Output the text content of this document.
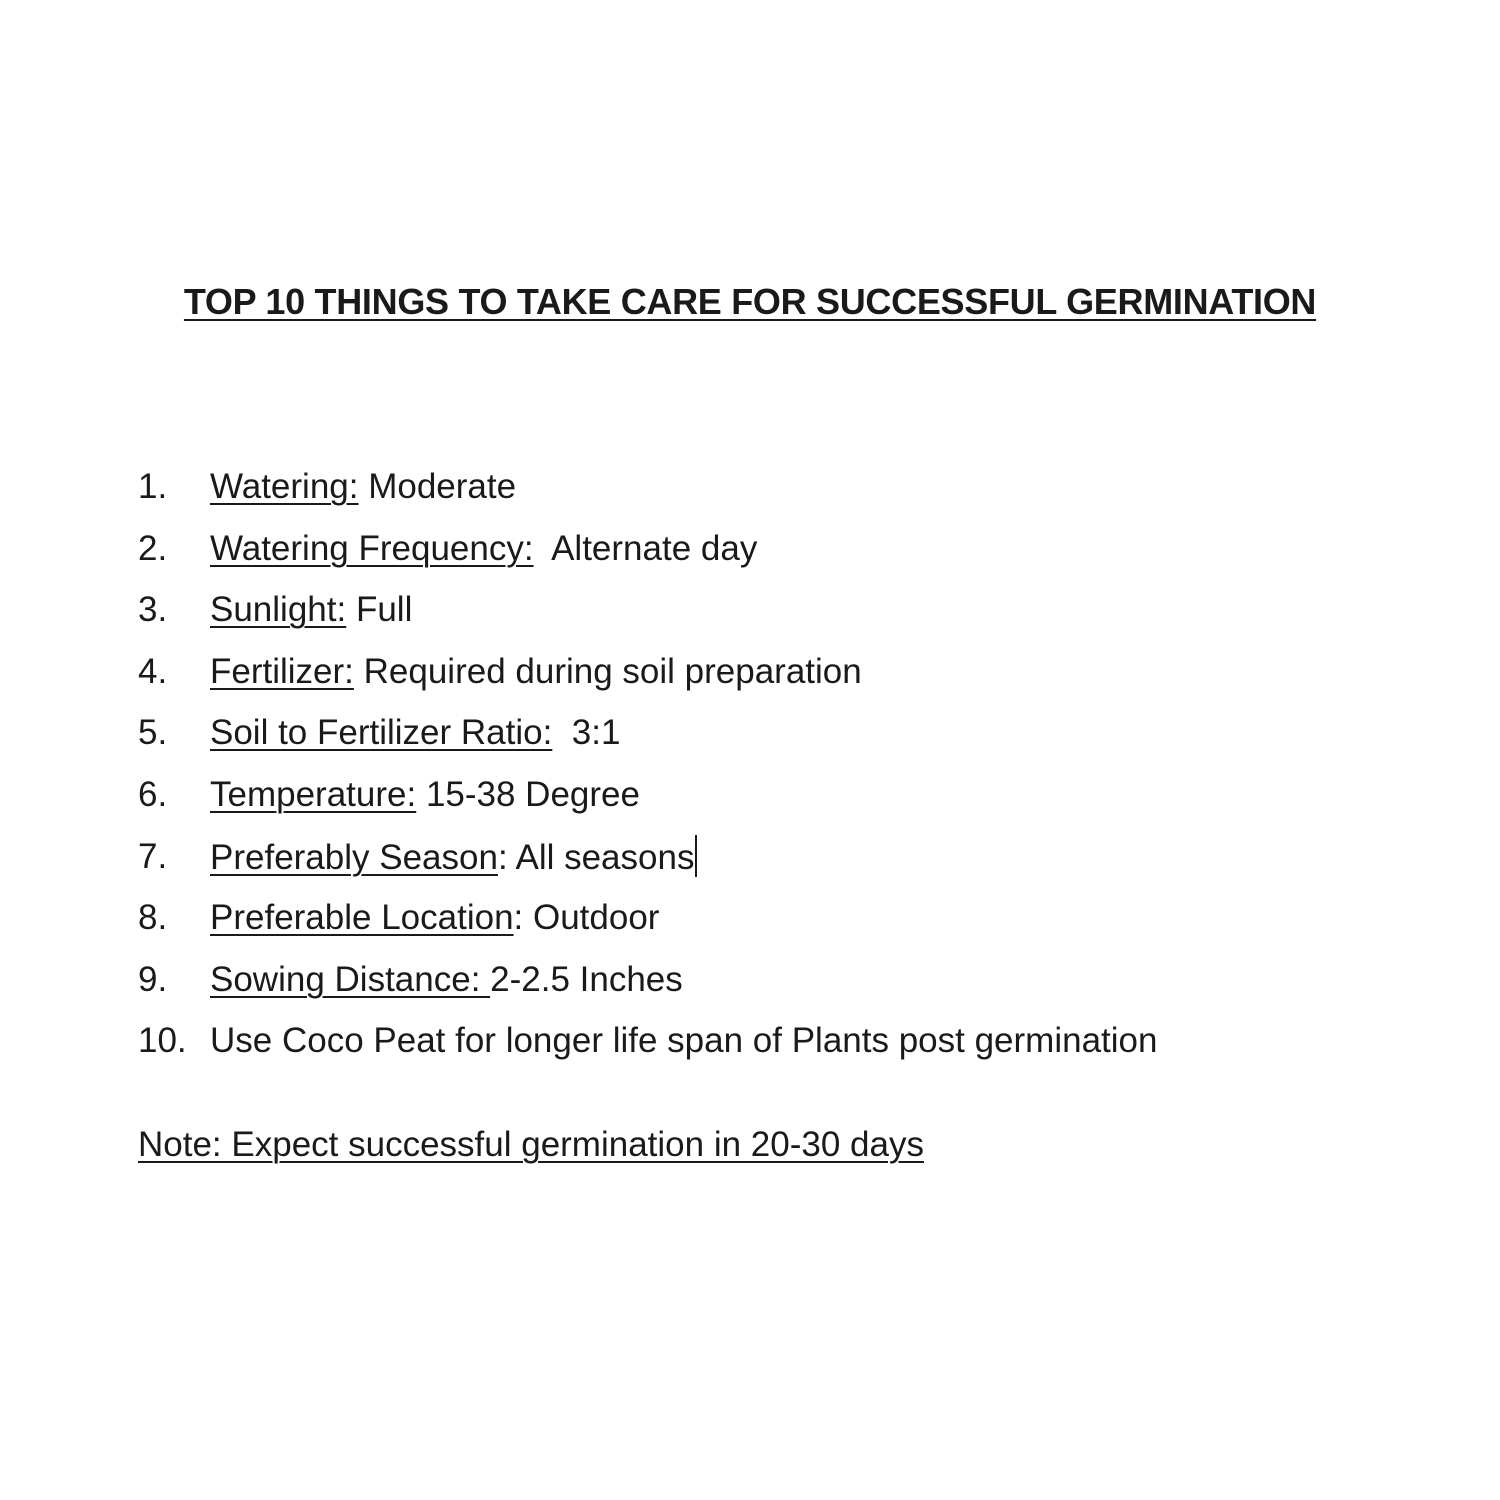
TOP 10 THINGS TO TAKE CARE FOR SUCCESSFUL GERMINATION
1.	Watering: Moderate
2.	Watering Frequency:  Alternate day
3.	Sunlight: Full
4.	Fertilizer: Required during soil preparation
5.	Soil to Fertilizer Ratio:  3:1
6.	Temperature: 15-38 Degree
7.	Preferably Season: All seasons
8.	Preferable Location: Outdoor
9.	Sowing Distance: 2-2.5 Inches
10. Use Coco Peat for longer life span of Plants post germination
Note: Expect successful germination in 20-30 days
